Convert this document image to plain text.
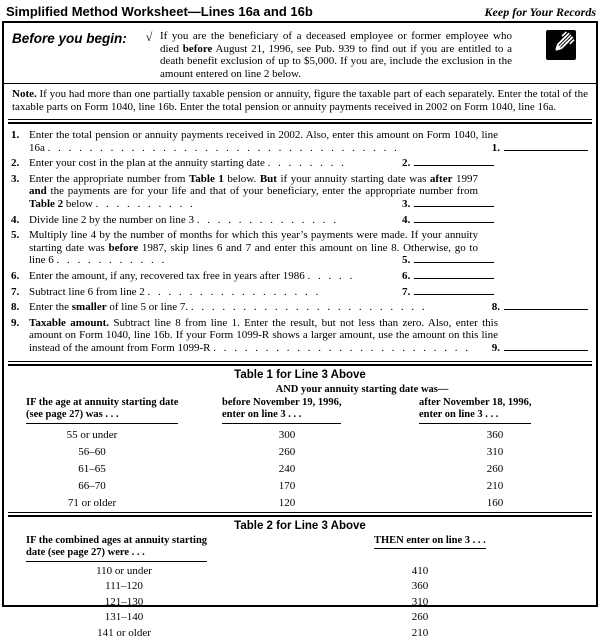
Simplified Method Worksheet—Lines 16a and 16b	Keep for Your Records
Before you begin:	√ If you are the beneficiary of a deceased employee or former employee who died before August 21, 1996, see Pub. 939 to find out if you are entitled to a death benefit exclusion of up to $5,000. If you are, include the exclusion in the amount entered on line 2 below.
Note. If you had more than one partially taxable pension or annuity, figure the taxable part of each separately. Enter the total of the taxable parts on Form 1040, line 16b. Enter the total pension or annuity payments received in 2002 on Form 1040, line 16a.
1. Enter the total pension or annuity payments received in 2002. Also, enter this amount on Form 1040, line 16a . . . . . . . . . . . . . . . . . . . . . . . . . . . . . . . . . .	1.
2. Enter your cost in the plan at the annuity starting date . . . . . . . .	2.
3. Enter the appropriate number from Table 1 below. But if your annuity starting date was after 1997 and the payments are for your life and that of your beneficiary, enter the appropriate number from Table 2 below . . . . . . . . . .	3.
4. Divide line 2 by the number on line 3 . . . . . . . . . . . . . .	4.
5. Multiply line 4 by the number of months for which this year’s payments were made. If your annuity starting date was before 1987, skip lines 6 and 7 and enter this amount on line 8. Otherwise, go to line 6 . . . . . . . . . . .	5.
6. Enter the amount, if any, recovered tax free in years after 1986 . . . . .	6.
7. Subtract line 6 from line 2 . . . . . . . . . . . . . . . . .	7.
8. Enter the smaller of line 5 or line 7. . . . . . . . . . . . . . . . . . . . . . . .	8.
9. Taxable amount. Subtract line 8 from line 1. Enter the result, but not less than zero. Also, enter this amount on Form 1040, line 16b. If your Form 1099-R shows a larger amount, use the amount on this line instead of the amount from Form 1099-R . . . . . . . . . . . . . . . . . . . . . . . . .	9.
Table 1 for Line 3 Above
AND your annuity starting date was—
IF the age at annuity starting date
(see page 27) was . . .
before November 19, 1996,
enter on line 3 . . .
after November 18, 1996,
enter on line 3 . . .
55 or under	300	360
56–60	260	310
61–65	240	260
66–70	170	210
71 or older	120	160
Table 2 for Line 3 Above
IF the combined ages at annuity starting
date (see page 27) were . . .
THEN enter on line 3 . . .
110 or under	410
111–120	360
121–130	310
131–140	260
141 or older	210
